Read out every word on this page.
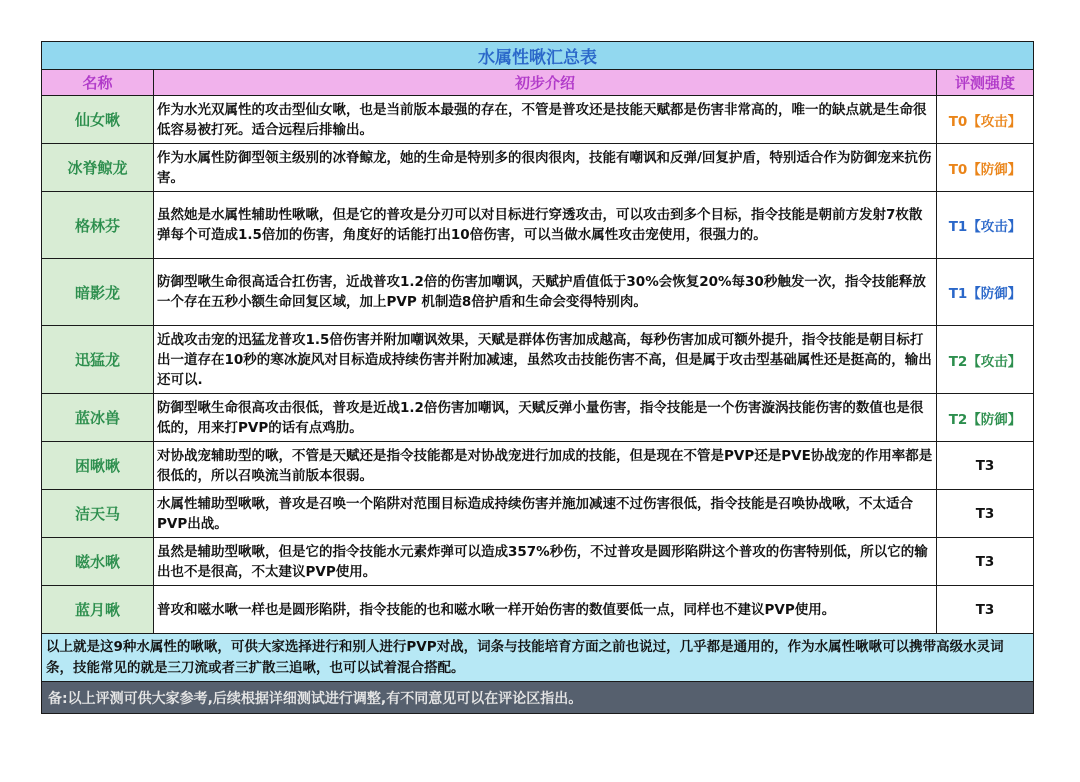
水属性啾汇总表		
名称	初步介绍	评测强度
仙女啾	作为水光双属性的攻击型仙女啾，也是当前版本最强的存在，不管是普攻还是技能天赋都是伤害非常高的，唯一的缺点就是生命很低容易被打死。适合远程后排输出。	T0【攻击】
冰脊鲸龙	作为水属性防御型领主级别的冰脊鲸龙，她的生命是特别多的很肉很肉，技能有嘲讽和反弹/回复护盾，特别适合作为防御宠来抗伤害。	T0【防御】
格林芬	虽然她是水属性辅助性啾啾，但是它的普攻是分刃可以对目标进行穿透攻击，可以攻击到多个目标，指令技能是朝前方发射7枚散弹每个可造成1.5倍加的伤害，角度好的话能打出10倍伤害，可以当做水属性攻击宠使用，很强力的。	T1【攻击】
暗影龙	防御型啾生命很高适合扛伤害，近战普攻1.2倍的伤害加嘲讽，天赋护盾值低于30%会恢复20%每30秒触发一次，指令技能释放一个存在五秒小额生命回复区域，加上PVP 机制造8倍护盾和生命会变得特别肉。	T1【防御】
迅猛龙	近战攻击宠的迅猛龙普攻1.5倍伤害并附加嘲讽效果，天赋是群体伤害加成越高，每秒伤害加成可额外提升，指令技能是朝目标打出一道存在10秒的寒冰旋风对目标造成持续伤害并附加减速，虽然攻击技能伤害不高，但是属于攻击型基础属性还是挺高的，输出还可以.	T2【攻击】
蓝冰兽	防御型啾生命很高攻击很低，普攻是近战1.2倍伤害加嘲讽，天赋反弹小量伤害，指令技能是一个伤害漩涡技能伤害的数值也是很低的，用来打PVP的话有点鸡肋。	T2【防御】
困啾啾	对协战宠辅助型的啾，不管是天赋还是指令技能都是对协战宠进行加成的技能，但是现在不管是PVP还是PVE协战宠的作用率都是很低的，所以召唤流当前版本很弱。	T3
洁天马	水属性辅助型啾啾，普攻是召唤一个陷阱对范围目标造成持续伤害并施加减速不过伤害很低，指令技能是召唤协战啾，不太适合PVP出战。	T3
嗞水啾	虽然是辅助型啾啾，但是它的指令技能水元素炸弹可以造成357%秒伤，不过普攻是圆形陷阱这个普攻的伤害特别低，所以它的输出也不是很高，不太建议PVP使用。	T3
蓝月啾	普攻和嗞水啾一样也是圆形陷阱，指令技能的也和嗞水啾一样开始伤害的数值要低一点，同样也不建议PVP使用。	T3
以上就是这9种水属性的啾啾，可供大家选择进行和别人进行PVP对战，词条与技能培育方面之前也说过，几乎都是通用的，作为水属性啾啾可以携带高级水灵词条，技能常见的就是三刀流或者三扩散三追啾，也可以试着混合搭配。		
备:以上评测可供大家参考,后续根据详细测试进行调整,有不同意见可以在评论区指出。		
